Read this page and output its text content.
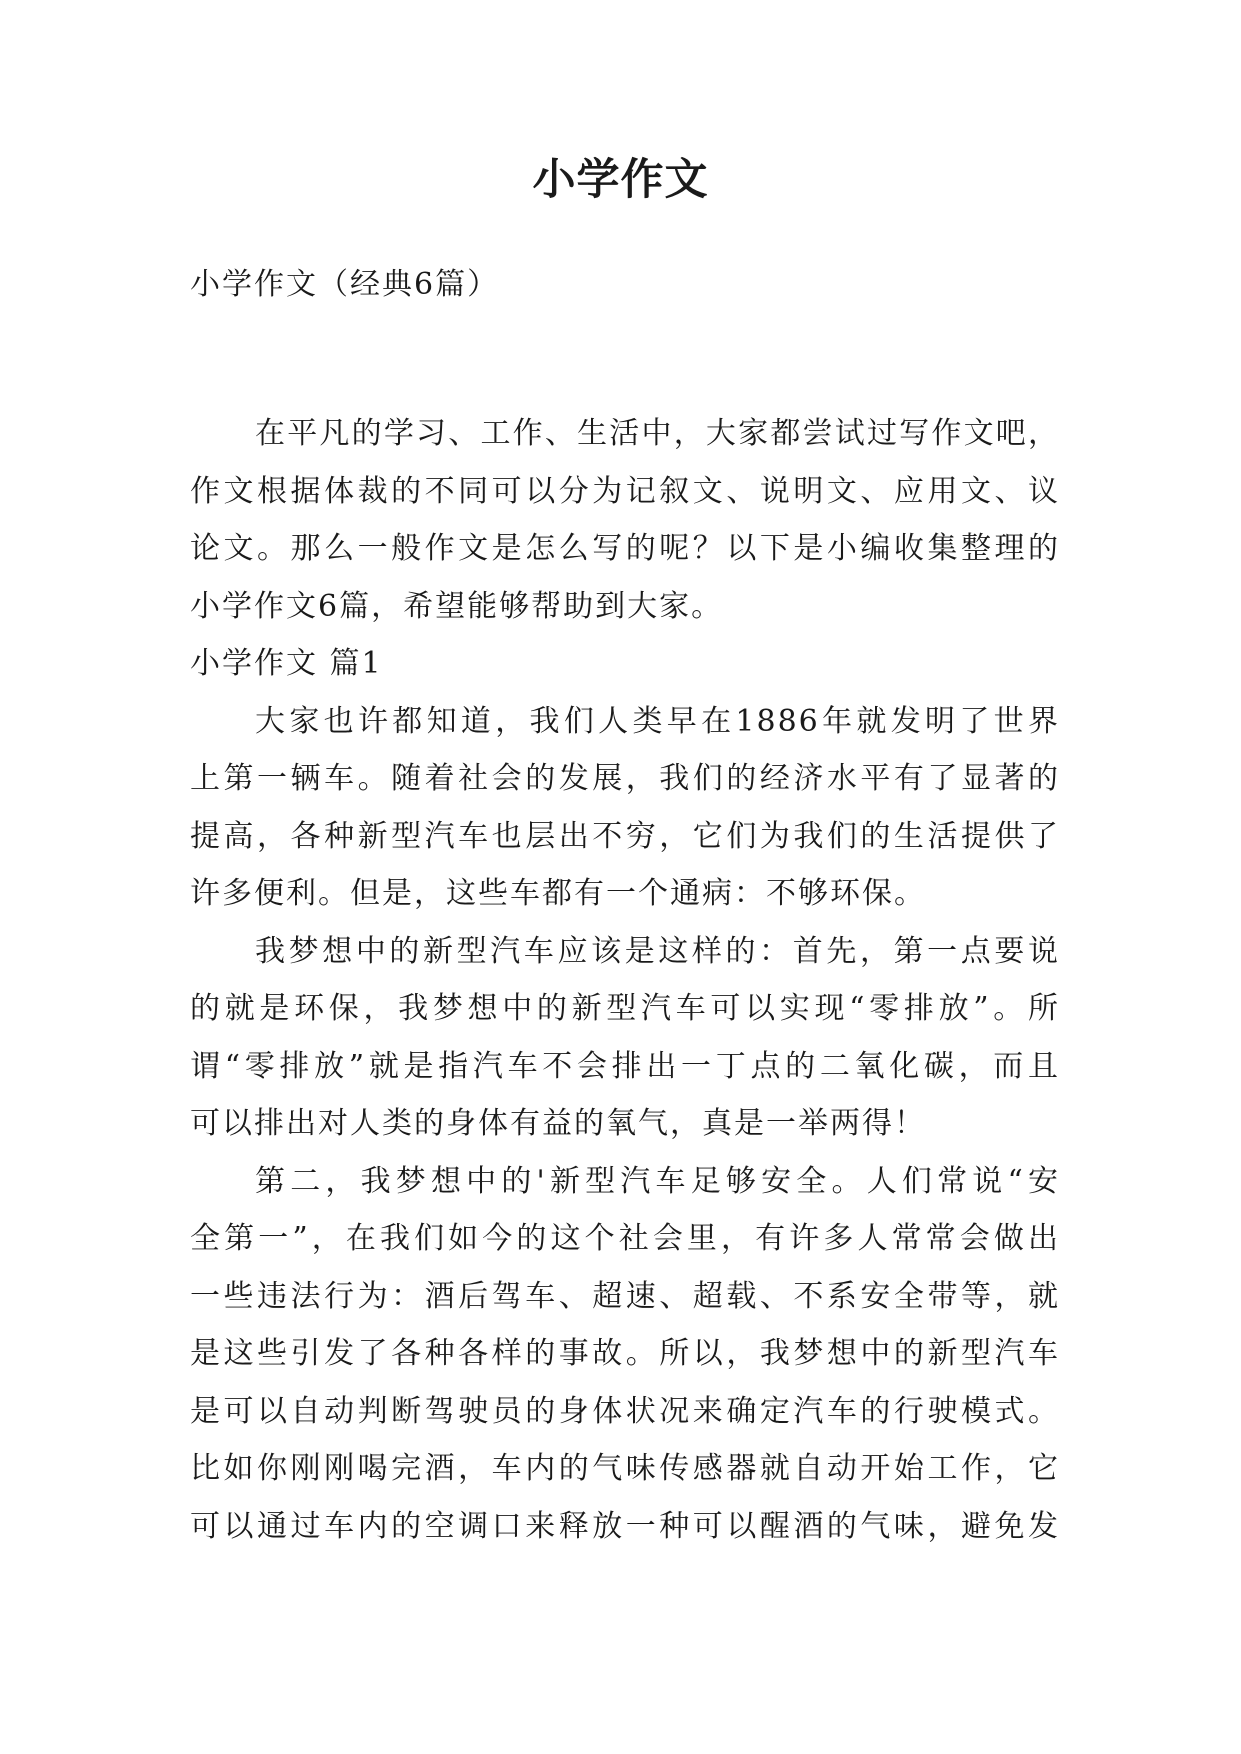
小学作文

小学作文（经典6篇）

在平凡的学习、工作、生活中，大家都尝试过写作文吧，
作文根据体裁的不同可以分为记叙文、说明文、应用文、议
论文。那么一般作文是怎么写的呢？以下是小编收集整理的
小学作文6篇，希望能够帮助到大家。
小学作文 篇1
大家也许都知道，我们人类早在1886年就发明了世界
上第一辆车。随着社会的发展，我们的经济水平有了显著的
提高，各种新型汽车也层出不穷，它们为我们的生活提供了
许多便利。但是，这些车都有一个通病：不够环保。
我梦想中的新型汽车应该是这样的：首先，第一点要说
的就是环保，我梦想中的新型汽车可以实现“零排放”。所
谓“零排放”就是指汽车不会排出一丁点的二氧化碳，而且
可以排出对人类的身体有益的氧气，真是一举两得！
第二，我梦想中的'新型汽车足够安全。人们常说“安
全第一”，在我们如今的这个社会里，有许多人常常会做出
一些违法行为：酒后驾车、超速、超载、不系安全带等，就
是这些引发了各种各样的事故。所以，我梦想中的新型汽车
是可以自动判断驾驶员的身体状况来确定汽车的行驶模式。
比如你刚刚喝完酒，车内的气味传感器就自动开始工作，它
可以通过车内的空调口来释放一种可以醒酒的气味，避免发
